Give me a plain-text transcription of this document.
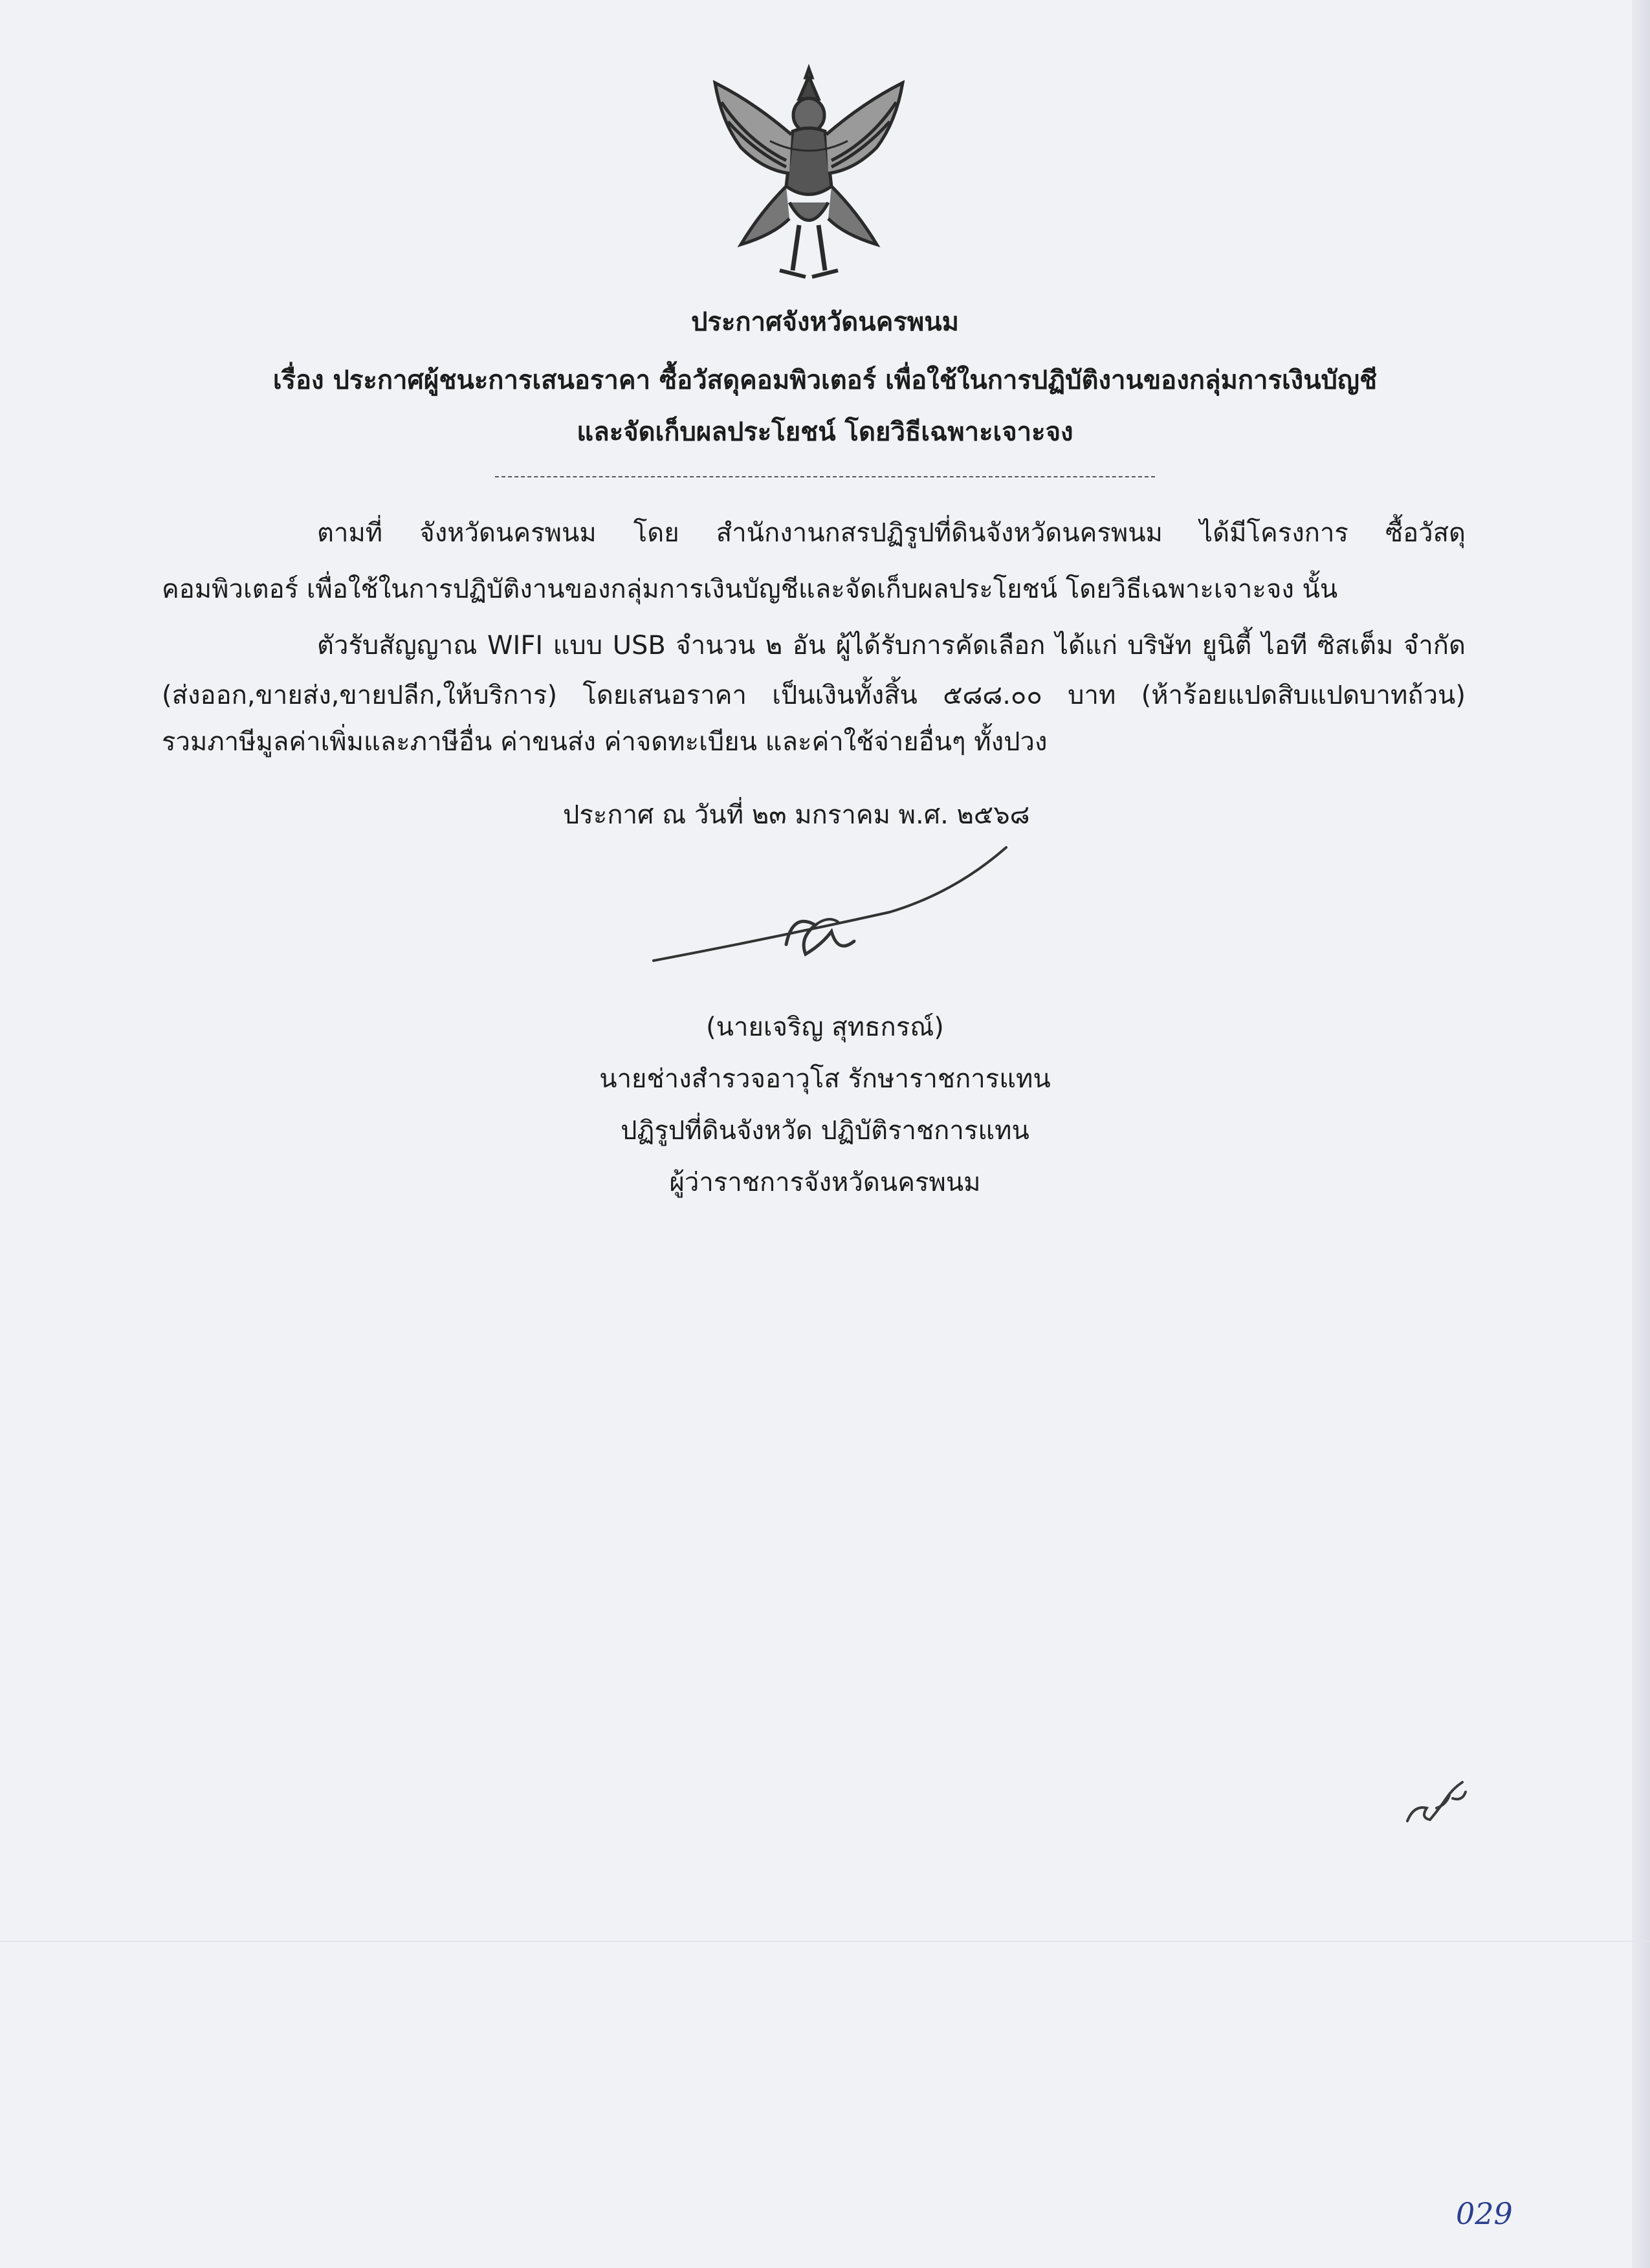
ประกาศจังหวัดนครพนม
เรื่อง ประกาศผู้ชนะการเสนอราคา ซื้อวัสดุคอมพิวเตอร์ เพื่อใช้ในการปฏิบัติงานของกลุ่มการเงินบัญชี
และจัดเก็บผลประโยชน์ โดยวิธีเฉพาะเจาะจง
ตามที่ จังหวัดนครพนม โดย สำนักงานกสรปฏิรูปที่ดินจังหวัดนครพนม ได้มีโครงการ ซื้อวัสดุ
คอมพิวเตอร์ เพื่อใช้ในการปฏิบัติงานของกลุ่มการเงินบัญชีและจัดเก็บผลประโยชน์ โดยวิธีเฉพาะเจาะจง นั้น
ตัวรับสัญญาณ WIFI แบบ USB จำนวน ๒ อัน ผู้ได้รับการคัดเลือก ได้แก่ บริษัท ยูนิตี้ ไอที ซิสเต็ม จำกัด
(ส่งออก,ขายส่ง,ขายปลีก,ให้บริการ) โดยเสนอราคา เป็นเงินทั้งสิ้น ๕๘๘.๐๐ บาท (ห้าร้อยแปดสิบแปดบาทถ้วน)
รวมภาษีมูลค่าเพิ่มและภาษีอื่น ค่าขนส่ง ค่าจดทะเบียน และค่าใช้จ่ายอื่นๆ ทั้งปวง
ประกาศ ณ วันที่ ๒๓ มกราคม พ.ศ. ๒๕๖๘
(นายเจริญ สุทธกรณ์)
นายช่างสำรวจอาวุโส รักษาราชการแทน
ปฏิรูปที่ดินจังหวัด ปฏิบัติราชการแทน
ผู้ว่าราชการจังหวัดนครพนม
029
